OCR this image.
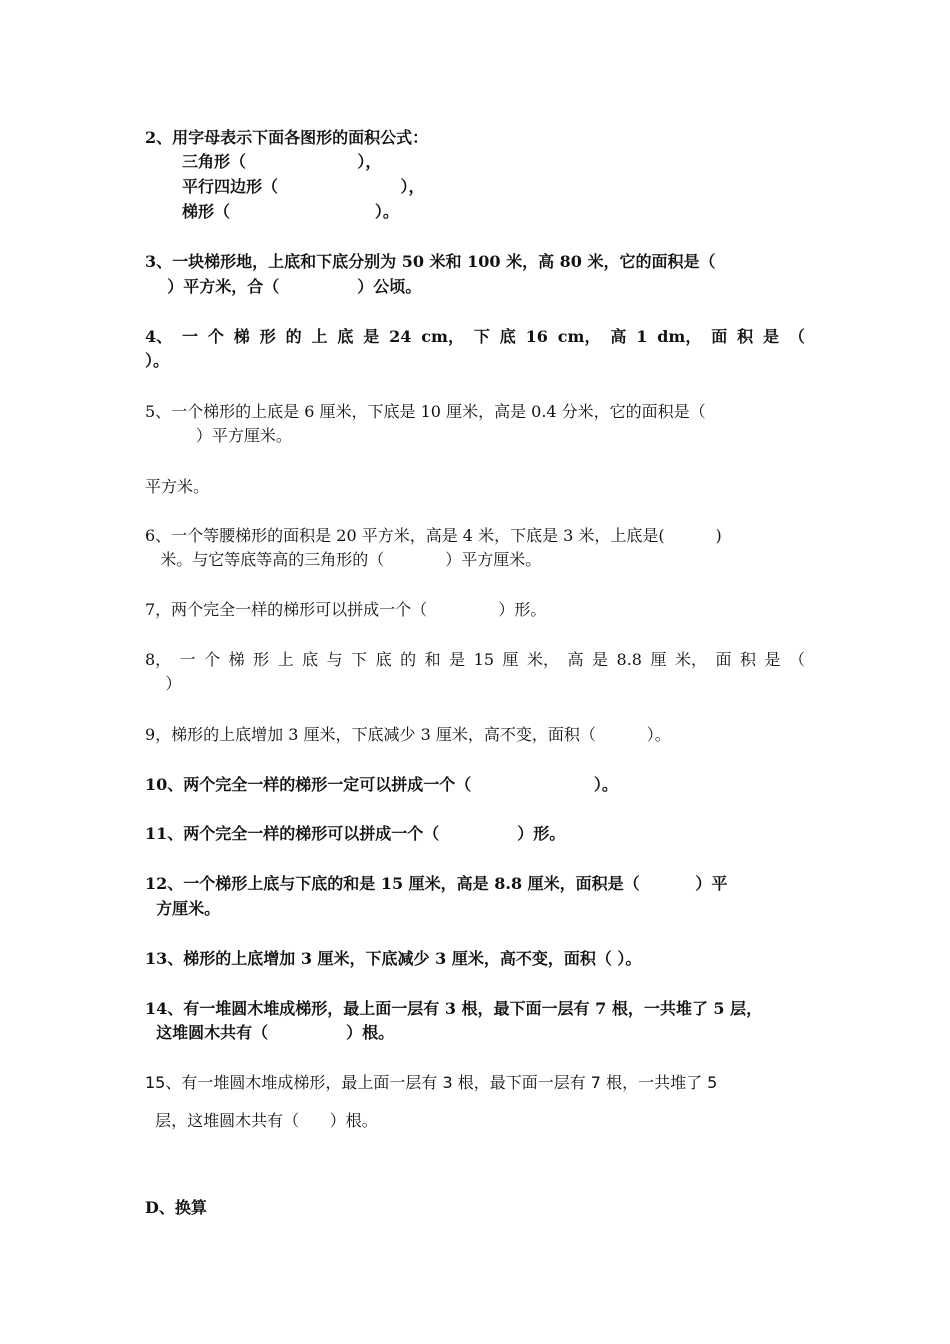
2、用字母表示下面各图形的面积公式：
三角形（                    ），
平行四边形（                      ），
梯形（                          ）。
3、一块梯形地，上底和下底分别为 50 米和 100 米，高 80 米，它的面积是（
）平方米，合（              ）公顷。
4、 一 个 梯 形 的 上 底 是 24 cm， 下 底 16 cm， 高 1 dm， 面 积 是 （
）。
5、一个梯形的上底是 6 厘米，下底是 10 厘米，高是 0.4 分米，它的面积是（
）平方厘米。
平方米。
6、一个等腰梯形的面积是 20 平方米，高是 4 米，下底是 3 米，上底是(          )
米。与它等底等高的三角形的（            ）平方厘米。
7，两个完全一样的梯形可以拼成一个（              ）形。
8， 一 个 梯 形 上 底 与 下 底 的 和 是 15 厘 米， 高 是 8.8 厘 米， 面 积 是 （
）
9，梯形的上底增加 3 厘米，下底减少 3 厘米，高不变，面积（          ）。
10、两个完全一样的梯形一定可以拼成一个（                      ）。
11、两个完全一样的梯形可以拼成一个（              ）形。
12、一个梯形上底与下底的和是 15 厘米，高是 8.8 厘米，面积是（          ）平
方厘米。
13、梯形的上底增加 3 厘米，下底减少 3 厘米，高不变，面积（ ）。
14、有一堆圆木堆成梯形，最上面一层有 3 根，最下面一层有 7 根，一共堆了 5 层，
这堆圆木共有（              ）根。
15、有一堆圆木堆成梯形，最上面一层有 3 根，最下面一层有 7 根，一共堆了 5
层，这堆圆木共有（      ）根。
D、换算
